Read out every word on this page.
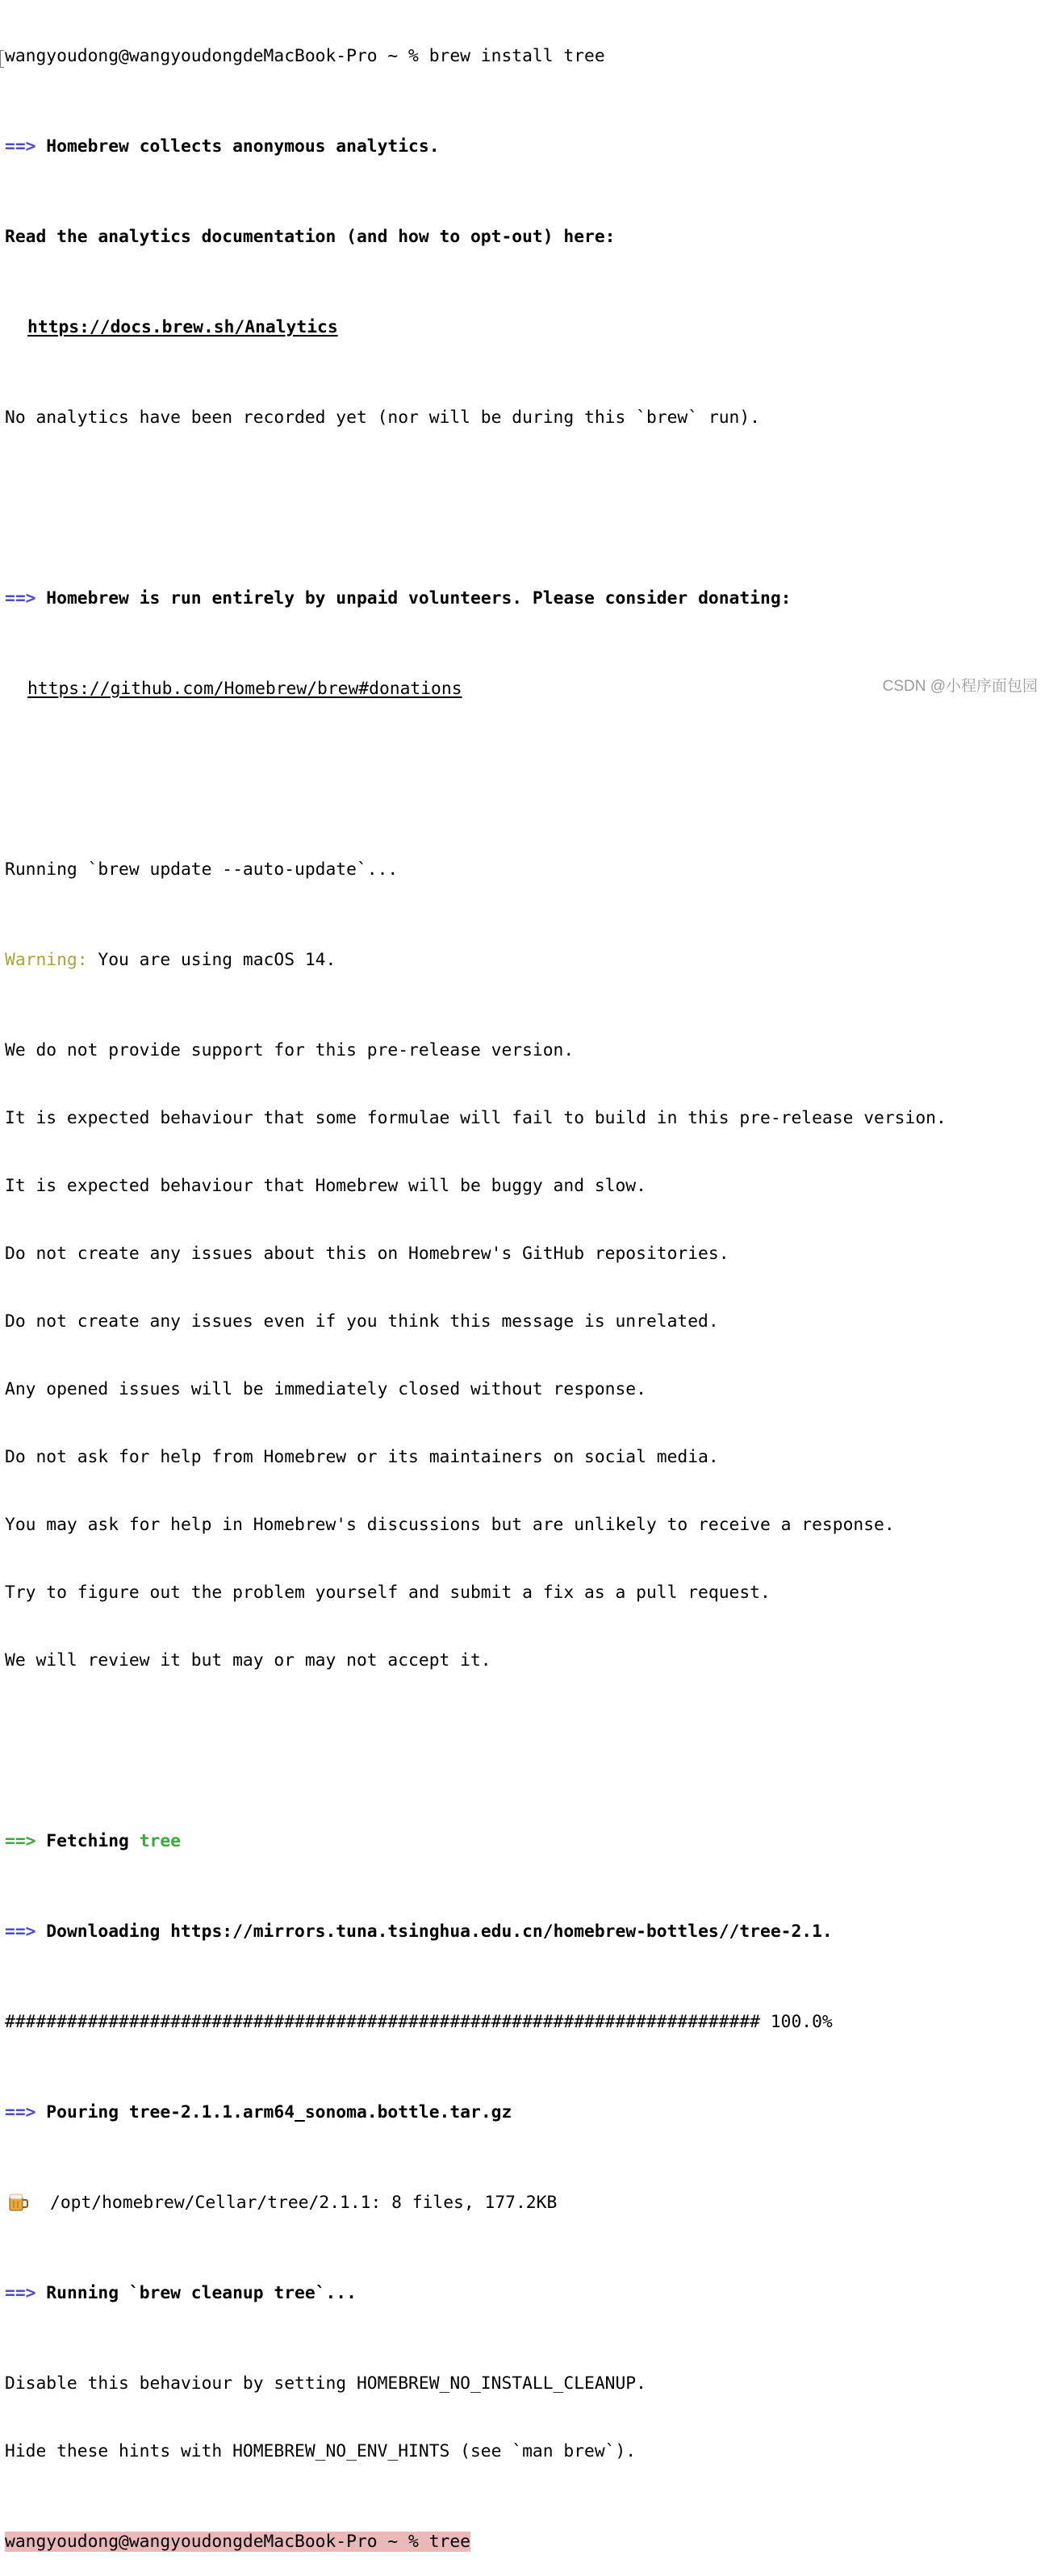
wangyoudong@wangyoudongdeMacBook-Pro ~ % brew install tree

==> Homebrew collects anonymous analytics.

Read the analytics documentation (and how to opt-out) here:

https://docs.brew.sh/Analytics

No analytics have been recorded yet (nor will be during this `brew` run).

==> Homebrew is run entirely by unpaid volunteers. Please consider donating:

https://github.com/Homebrew/brew#donations

Running `brew update --auto-update`...

Warning: You are using macOS 14.

We do not provide support for this pre-release version.

It is expected behaviour that some formulae will fail to build in this pre-release version.

It is expected behaviour that Homebrew will be buggy and slow.

Do not create any issues about this on Homebrew's GitHub repositories.

Do not create any issues even if you think this message is unrelated.

Any opened issues will be immediately closed without response.

Do not ask for help from Homebrew or its maintainers on social media.

You may ask for help in Homebrew's discussions but are unlikely to receive a response.

Try to figure out the problem yourself and submit a fix as a pull request.

We will review it but may or may not accept it.

==> Fetching tree

==> Downloading https://mirrors.tuna.tsinghua.edu.cn/homebrew-bottles//tree-2.1.

######################################################################### 100.0%

==> Pouring tree-2.1.1.arm64_sonoma.bottle.tar.gz

/opt/homebrew/Cellar/tree/2.1.1: 8 files, 177.2KB

==> Running `brew cleanup tree`...

Disable this behaviour by setting HOMEBREW_NO_INSTALL_CLEANUP.

Hide these hints with HOMEBREW_NO_ENV_HINTS (see `man brew`).

wangyoudong@wangyoudongdeMacBook-Pro ~ % tree

CSDN @小程序面包园
